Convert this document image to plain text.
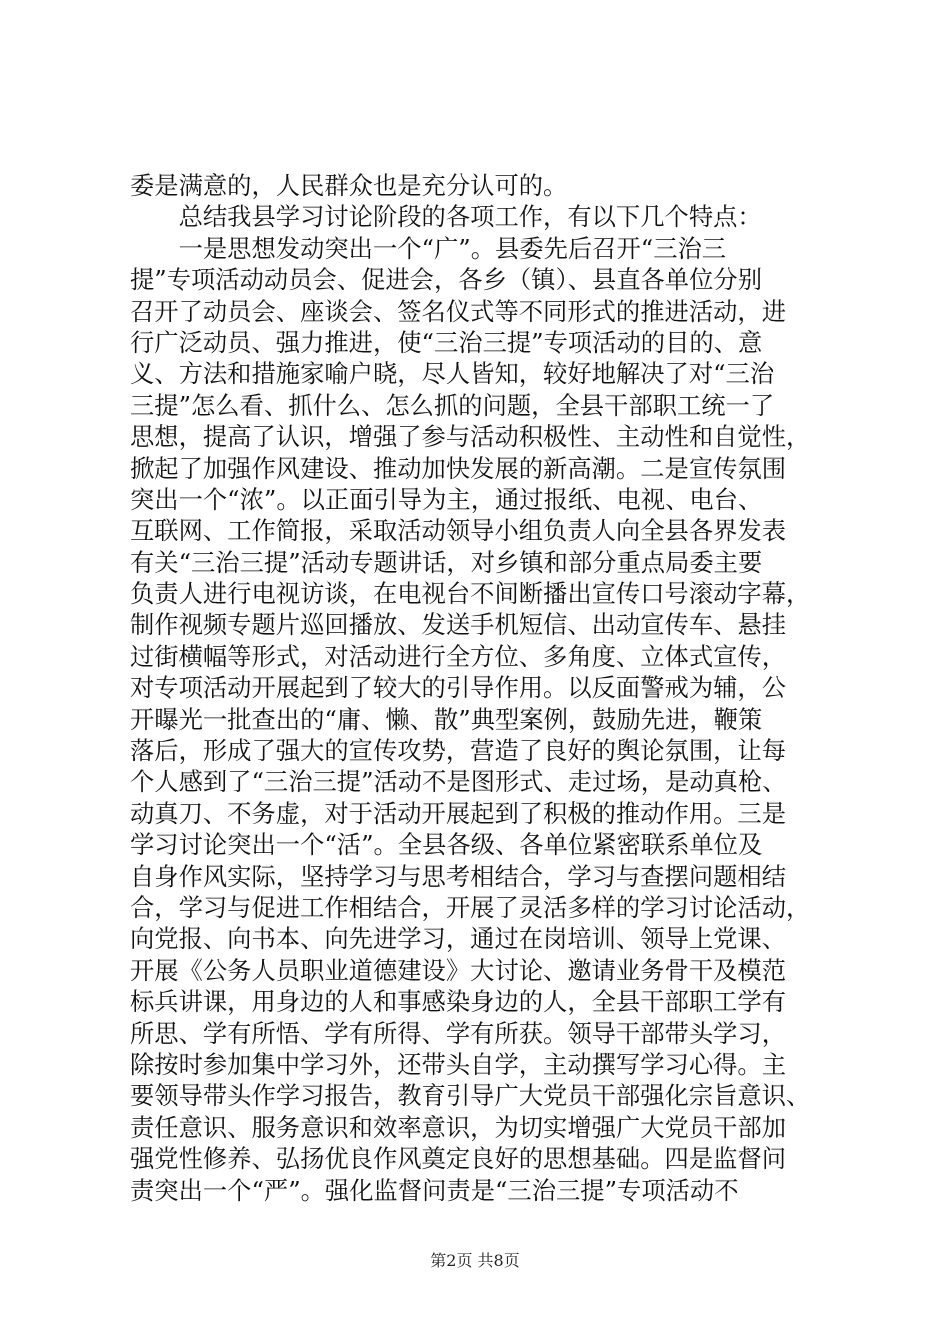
委是满意的，人民群众也是充分认可的。
　　总结我县学习讨论阶段的各项工作，有以下几个特点：
　　一是思想发动突出一个“广”。县委先后召开“三治三
提”专项活动动员会、促进会，各乡（镇）、县直各单位分别
召开了动员会、座谈会、签名仪式等不同形式的推进活动，进
行广泛动员、强力推进，使“三治三提”专项活动的目的、意
义、方法和措施家喻户晓，尽人皆知，较好地解决了对“三治
三提”怎么看、抓什么、怎么抓的问题，全县干部职工统一了
思想，提高了认识，增强了参与活动积极性、主动性和自觉性，
掀起了加强作风建设、推动加快发展的新高潮。二是宣传氛围
突出一个“浓”。以正面引导为主，通过报纸、电视、电台、
互联网、工作简报，采取活动领导小组负责人向全县各界发表
有关“三治三提”活动专题讲话，对乡镇和部分重点局委主要
负责人进行电视访谈，在电视台不间断播出宣传口号滚动字幕，
制作视频专题片巡回播放、发送手机短信、出动宣传车、悬挂
过街横幅等形式，对活动进行全方位、多角度、立体式宣传，
对专项活动开展起到了较大的引导作用。以反面警戒为辅，公
开曝光一批查出的“庸、懒、散”典型案例，鼓励先进，鞭策
落后，形成了强大的宣传攻势，营造了良好的舆论氛围，让每
个人感到了“三治三提”活动不是图形式、走过场，是动真枪、
动真刀、不务虚，对于活动开展起到了积极的推动作用。三是
学习讨论突出一个“活”。全县各级、各单位紧密联系单位及
自身作风实际，坚持学习与思考相结合，学习与查摆问题相结
合，学习与促进工作相结合，开展了灵活多样的学习讨论活动，
向党报、向书本、向先进学习，通过在岗培训、领导上党课、
开展《公务人员职业道德建设》大讨论、邀请业务骨干及模范
标兵讲课，用身边的人和事感染身边的人，全县干部职工学有
所思、学有所悟、学有所得、学有所获。领导干部带头学习，
除按时参加集中学习外，还带头自学，主动撰写学习心得。主
要领导带头作学习报告，教育引导广大党员干部强化宗旨意识、
责任意识、服务意识和效率意识，为切实增强广大党员干部加
强党性修养、弘扬优良作风奠定良好的思想基础。四是监督问
责突出一个“严”。强化监督问责是“三治三提”专项活动不
第2页 共8页
